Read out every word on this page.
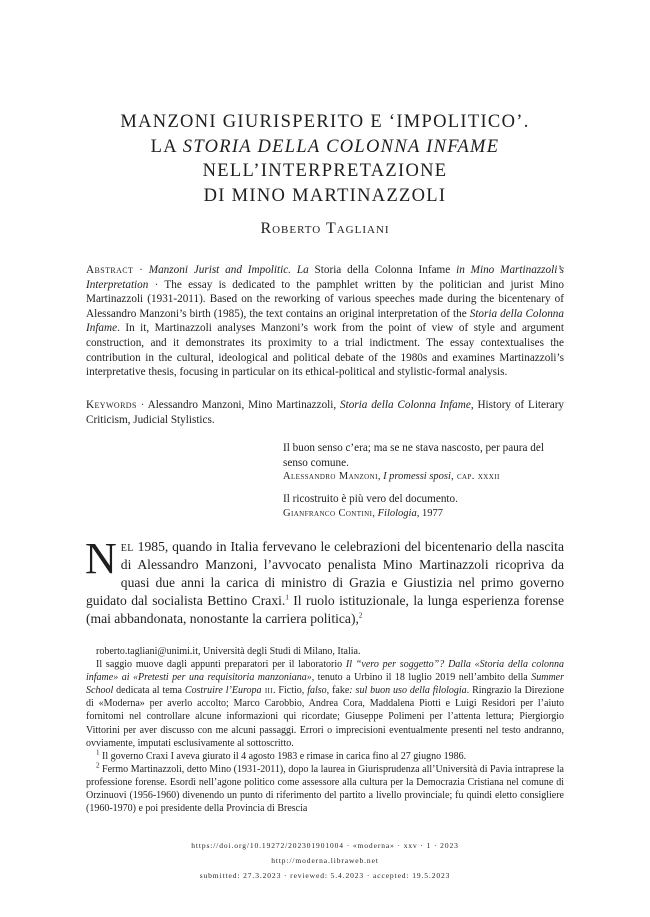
MANZONI GIURISPERITO E ‘IMPOLITICO’.
LA STORIA DELLA COLONNA INFAME
NELL’INTERPRETAZIONE
DI MINO MARTINAZZOLI
Roberto Tagliani
Abstract · Manzoni Jurist and Impolitic. La Storia della Colonna Infame in Mino Martinazzoli’s Interpretation · The essay is dedicated to the pamphlet written by the politician and jurist Mino Martinazzoli (1931-2011). Based on the reworking of various speeches made during the bicentenary of Alessandro Manzoni’s birth (1985), the text contains an original interpretation of the Storia della Colonna Infame. In it, Martinazzoli analyses Manzoni’s work from the point of view of style and argument construction, and it demonstrates its proximity to a trial indictment. The essay contextualises the contribution in the cultural, ideological and political debate of the 1980s and examines Martinazzoli’s interpretative thesis, focusing in particular on its ethical-political and stylistic-formal analysis.
Keywords · Alessandro Manzoni, Mino Martinazzoli, Storia della Colonna Infame, History of Literary Criticism, Judicial Stylistics.
Il buon senso c’era; ma se ne stava nascosto, per paura del senso comune.
Alessandro Manzoni, I promessi sposi, cap. xxxii
Il ricostruito è più vero del documento.
Gianfranco Contini, Filologia, 1977
Nel 1985, quando in Italia fervevano le celebrazioni del bicentenario della nascita di Alessandro Manzoni, l’avvocato penalista Mino Martinazzoli ricopriva da quasi due anni la carica di ministro di Grazia e Giustizia nel primo governo guidato dal socialista Bettino Craxi.$^1$ Il ruolo istituzionale, la lunga esperienza forense (mai abbandonata, nonostante la carriera politica),$^2$

roberto.tagliani@unimi.it, Università degli Studi di Milano, Italia.

Il saggio muove dagli appunti preparatori per il laboratorio Il “vero per soggetto”? Dalla «Storia della colonna infame» ai «Pretesti per una requisitoria manzoniana», tenuto a Urbino il 18 luglio 2019 nell’ambito della Summer School dedicata al tema Costruire l’Europa iii. Fictio, falso, fake: sul buon uso della filologia. Ringrazio la Direzione di «Moderna» per averlo accolto; Marco Carobbio, Andrea Cora, Maddalena Piotti e Luigi Residori per l’aiuto fornitomi nel controllare alcune informazioni qui ricordate; Giuseppe Polimeni per l’attenta lettura; Piergiorgio Vittorini per aver discusso con me alcuni passaggi. Errori o imprecisioni eventualmente presenti nel testo andranno, ovviamente, imputati esclusivamente al sottoscritto.

$^1$ Il governo Craxi I aveva giurato il 4 agosto 1983 e rimase in carica fino al 27 giugno 1986.

$^2$ Fermo Martinazzoli, detto Mino (1931-2011), dopo la laurea in Giurisprudenza all’Università di Pavia intraprese la professione forense. Esordì nell’agone politico come assessore alla cultura per la Democrazia Cristiana nel comune di Orzinuovi (1956-1960) divenendo un punto di riferimento del partito a livello provinciale; fu quindi eletto consigliere (1960-1970) e poi presidente della Provincia di Brescia

https://doi.org/10.19272/202301901004 · «moderna» · xxv · 1 · 2023
http://moderna.libraweb.net
submitted: 27.3.2023 · reviewed: 5.4.2023 · accepted: 19.5.2023
